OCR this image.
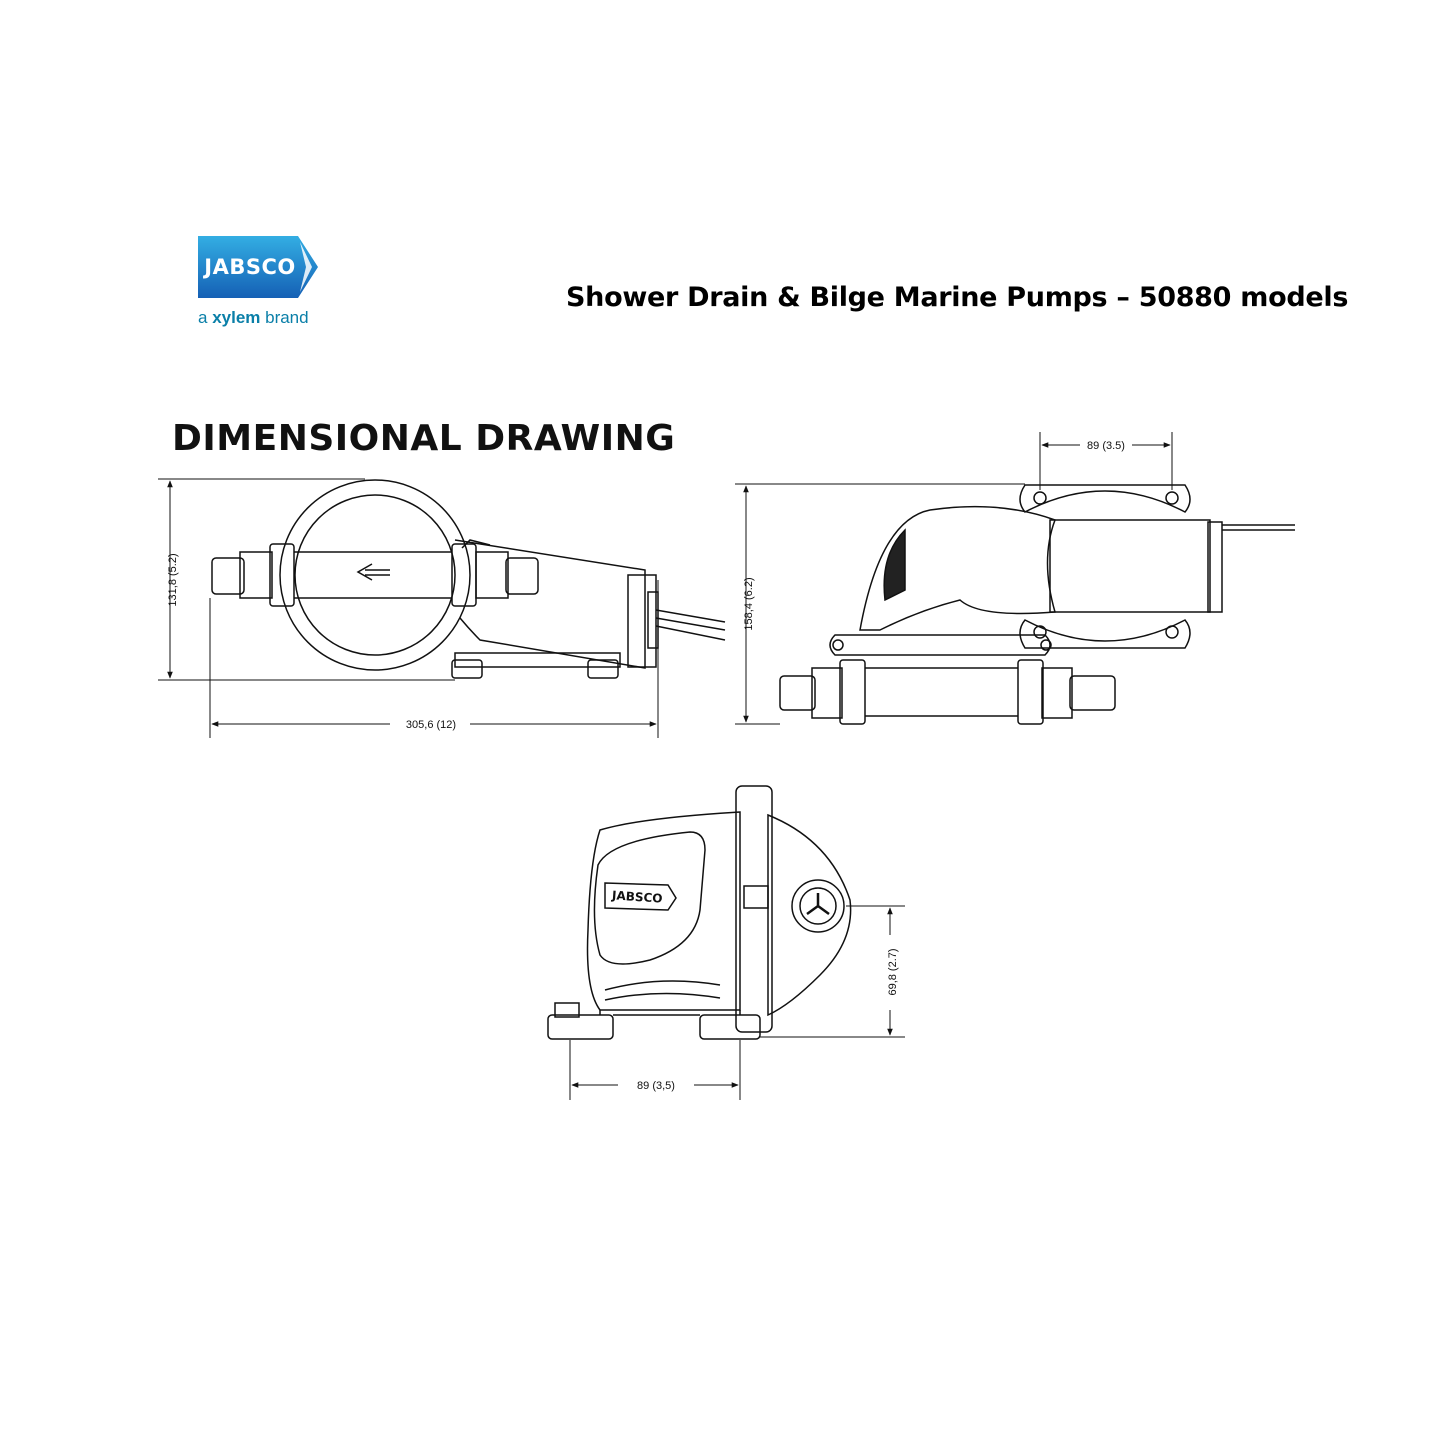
JABSCO
a xylem brand
Shower Drain & Bilge Marine Pumps – 50880 models
DIMENSIONAL DRAWING
131,8 (5.2)
305,6 (12)
89 (3.5)
158,4 (6.2)
JABSCO
69,8 (2.7)
89 (3,5)
